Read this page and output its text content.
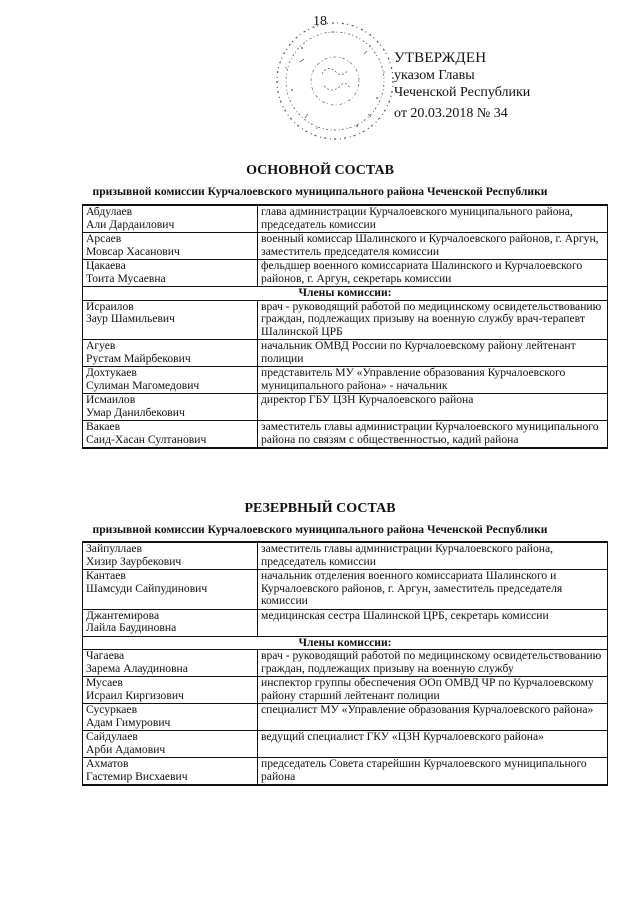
18
УТВЕРЖДЕН
указом Главы
Чеченской Республики
от 20.03.2018 № 34
ОСНОВНОЙ СОСТАВ
призывной комиссии Курчалоевского муниципального района Чеченской Республики
Абдулаев
Али Дардаилович	глава администрации Курчалоевского муниципального района, председатель комиссии

Арсаев
Мовсар Хасанович	военный комиссар Шалинского и Курчалоевского районов, г. Аргун, заместитель председателя комиссии

Цакаева
Тоита Мусаевна	фельдшер военного комиссариата Шалинского и Курчалоевского районов, г. Аргун, секретарь комиссии
Члены комиссии:	

Исраилов
Заур Шамильевич	врач - руководящий работой по медицинскому освидетельствованию граждан, подлежащих призыву на военную службу врач-терапевт Шалинской ЦРБ

Агуев
Рустам Майрбекович	начальник ОМВД России по Курчалоевскому району лейтенант полиции

Дохтукаев
Сулиман Магомедович	представитель МУ «Управление образования Курчалоевского муниципального района» - начальник

Исмаилов
Умар Данилбекович	директор ГБУ ЦЗН Курчалоевского района

Вакаев
Саид-Хасан Султанович	заместитель главы администрации Курчалоевского муниципального района по связям с общественностью, кадий района
РЕЗЕРВНЫЙ СОСТАВ
призывной комиссии Курчалоевского муниципального района Чеченской Республики
Зайпуллаев
Хизир Заурбекович	заместитель главы администрации Курчалоевского района, председатель комиссии

Кантаев
Шамсуди Сайпудинович	начальник отделения военного комиссариата Шалинского и Курчалоевского районов, г. Аргун, заместитель председателя комиссии

Джантемирова
Лайла Баудиновна	медицинская сестра Шалинской ЦРБ, секретарь комиссии
Члены комиссии:	

Чагаева
Зарема Алаудиновна	врач - руководящий работой по медицинскому освидетельствованию граждан, подлежащих призыву на военную службу

Мусаев
Исраил Киргизович	инспектор группы обеспечения ООп ОМВД ЧР по Курчалоевскому району старший лейтенант полиции

Сусуркаев
Адам Гимурович	специалист МУ «Управление образования Курчалоевского района»

Сайдулаев
Арби Адамович	ведущий специалист ГКУ «ЦЗН Курчалоевского района»

Ахматов
Гастемир Висхаевич	председатель Совета старейшин Курчалоевского муниципального района
